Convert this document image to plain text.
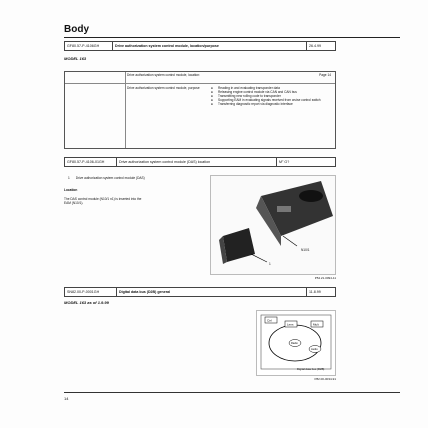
Body
GF80.57-P-4106GH	Drive authorization system control module, location/purpose	26.4.99
MODEL 163
Drive authorization system control module, location:	Page 14
Drive authorization system control module, purpose	●	Reading in and evaluating transponder data
●	Releasing engine control module via CAN and CAN bus
●	Transmitting new rolling code to transponder
●	Supporting EAM in evaluating signals received from cruise control switch
●	Transferring diagnostic report via diagnostic interface
GF80.57-P-4106-01GH	Drive authorization system control module (DAS) location	M° G?
1 Drive authorization system control module (DAS)
Location
The DAS control module (N10/1 n1) is inserted into the EAM (N10/1).
N10/1
1
P54.21-0094-11
SN82.00-P-0001GH	Digital data bus (D2B) general	11.8.99
MODEL 163 as of 1.9.99
Ctrl
Lens	Mult
Radio
Audio
Digital data bus (D2B)
P82.00-0034-91
14
